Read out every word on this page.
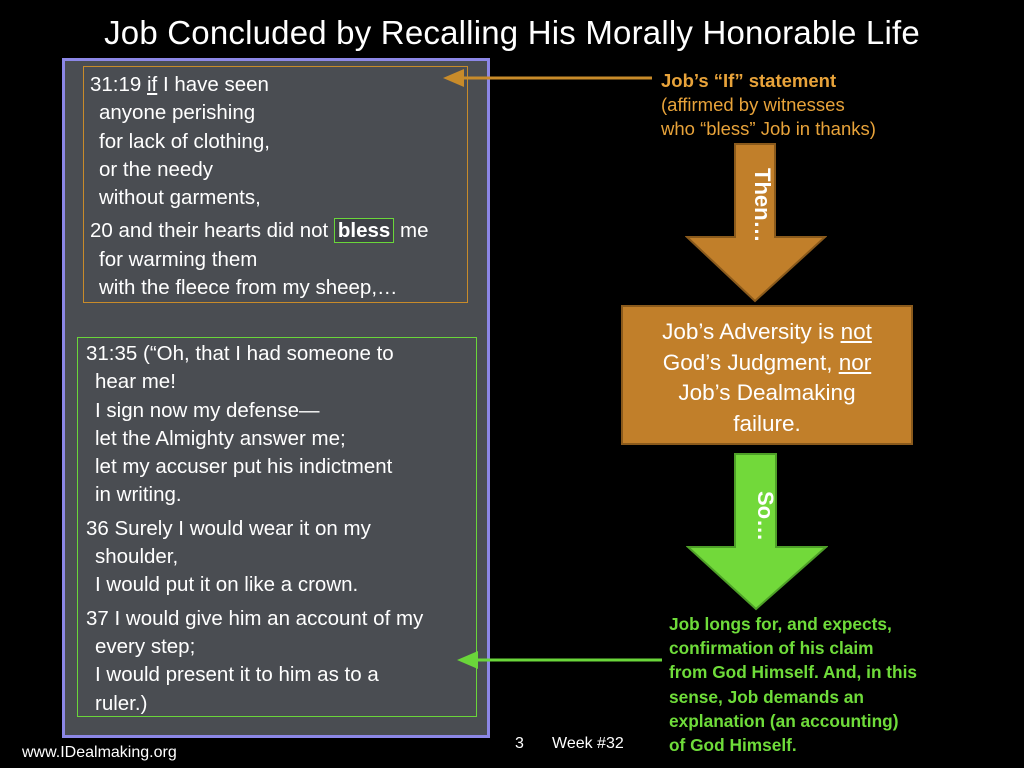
Job Concluded by Recalling His Morally Honorable Life
31:19 if I have seen
anyone perishing
for lack of clothing,
or the needy
without garments,
20 and their hearts did not bless me
for warming them
with the fleece from my sheep,…
31:35 (“Oh, that I had someone to
hear me!
I sign now my defense—
let the Almighty answer me;
let my accuser put his indictment
in writing.
36 Surely I would wear it on my
shoulder,
I would put it on like a crown.
37 I would give him an account of my
every step;
I would present it to him as to a
ruler.)
Job’s “If” statement
(affirmed by witnesses
who “bless” Job in thanks)
Then…
Job’s Adversity is not
God’s Judgment, nor
Job’s Dealmaking
failure.
So…
Job longs for, and expects,
confirmation of his claim
from God Himself. And, in this
sense, Job demands an
explanation (an accounting)
of God Himself.
www.IDealmaking.org
3 Week #32
